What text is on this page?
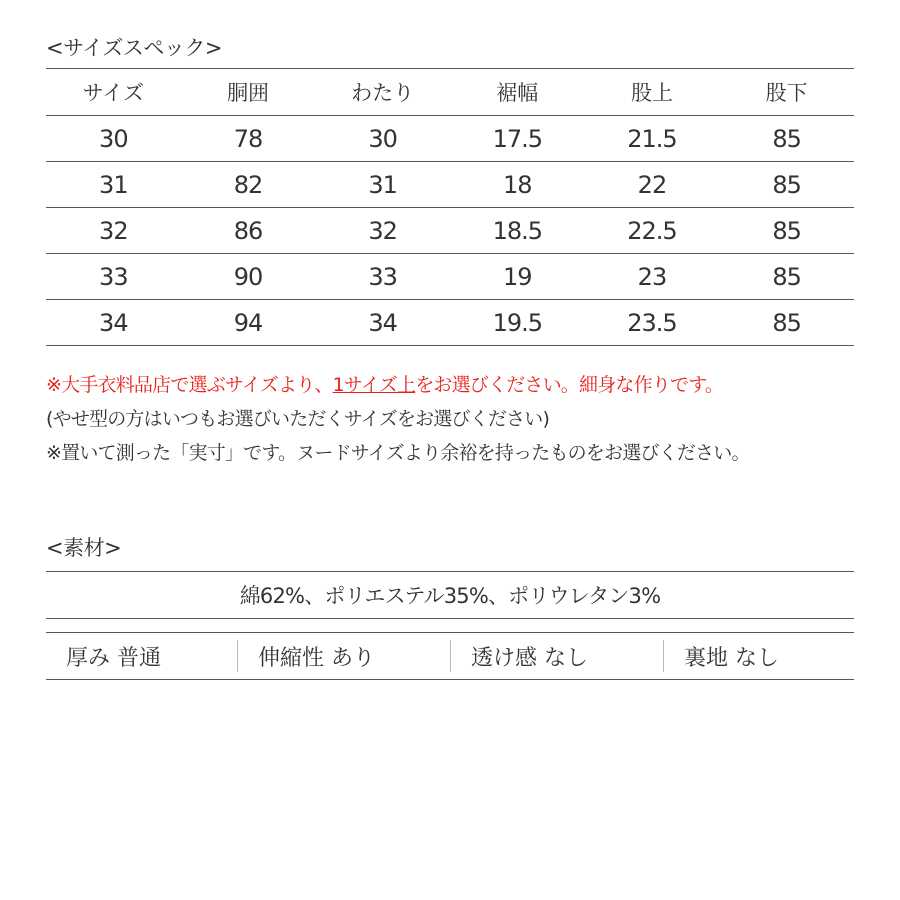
<サイズスペック>
サイズ	胴囲	わたり	裾幅	股上	股下
30	78	30	17.5	21.5	85
31	82	31	18	22	85
32	86	32	18.5	22.5	85
33	90	33	19	23	85
34	94	34	19.5	23.5	85
※大手衣料品店で選ぶサイズより、1サイズ上をお選びください。細身な作りです。
(やせ型の方はいつもお選びいただくサイズをお選びください)
※置いて測った「実寸」です。ヌードサイズより余裕を持ったものをお選びください。
<素材>
綿62%、ポリエステル35%、ポリウレタン3%
厚み 普通	伸縮性 あり	透け感 なし	裏地 なし
